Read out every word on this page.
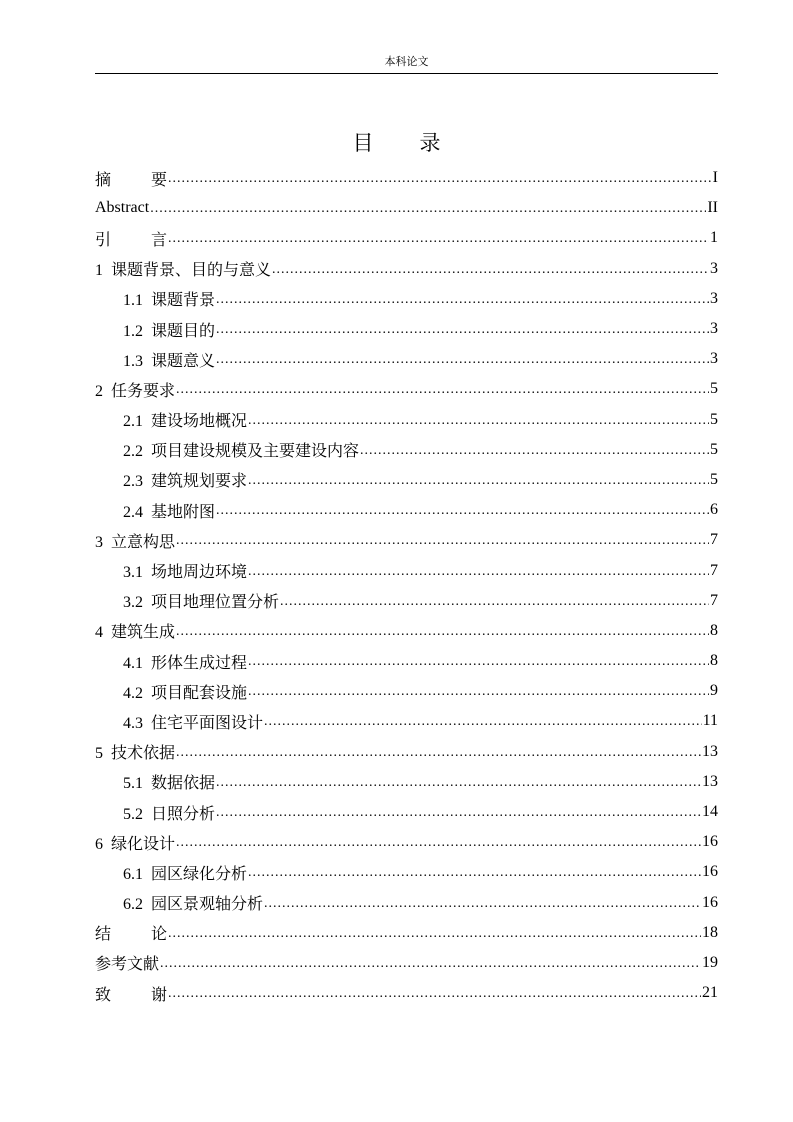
本科论文
目 录
摘 要 .....	I
Abstract .....	II
引 言 .....	1
1 课题背景、目的与意义 .....	3
1.1 课题背景 .....	3
1.2 课题目的 .....	3
1.3 课题意义 .....	3
2 任务要求 .....	5
2.1 建设场地概况 .....	5
2.2 项目建设规模及主要建设内容 .....	5
2.3 建筑规划要求 .....	5
2.4 基地附图 .....	6
3 立意构思 .....	7
3.1 场地周边环境 .....	7
3.2 项目地理位置分析 .....	7
4 建筑生成 .....	8
4.1 形体生成过程 .....	8
4.2 项目配套设施 .....	9
4.3 住宅平面图设计 .....	11
5 技术依据 .....	13
5.1 数据依据 .....	13
5.2 日照分析 .....	14
6 绿化设计 .....	16
6.1 园区绿化分析 .....	16
6.2 园区景观轴分析 .....	16
结 论 .....	18
参考文献 .....	19
致 谢 .....	21
